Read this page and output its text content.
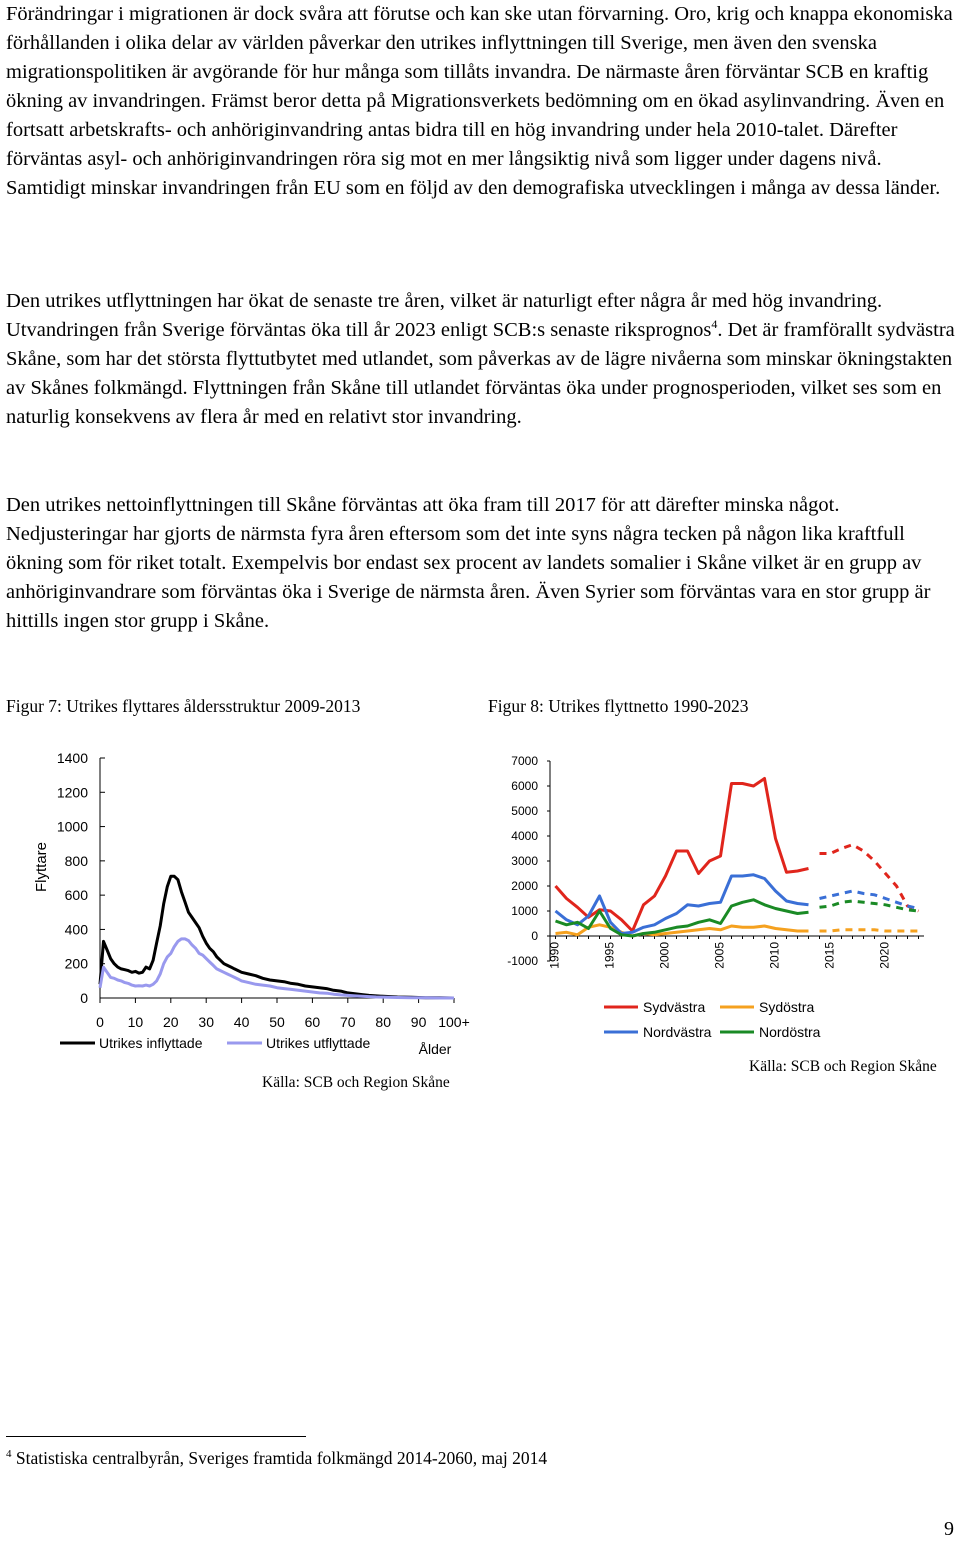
Förändringar i migrationen är dock svåra att förutse och kan ske utan förvarning. Oro, krig och knappa ekonomiska förhållanden i olika delar av världen påverkar den utrikes inflyttningen till Sverige, men även den svenska migrationspolitiken är avgörande för hur många som tillåts invandra. De närmaste åren förväntar SCB en kraftig ökning av invandringen. Främst beror detta på Migrationsverkets bedömning om en ökad asylinvandring. Även en fortsatt arbetskrafts- och anhöriginvandring antas bidra till en hög invandring under hela 2010-talet. Därefter förväntas asyl- och anhöriginvandringen röra sig mot en mer långsiktig nivå som ligger under dagens nivå. Samtidigt minskar invandringen från EU som en följd av den demografiska utvecklingen i många av dessa länder.

Den utrikes utflyttningen har ökat de senaste tre åren, vilket är naturligt efter några år med hög invandring. Utvandringen från Sverige förväntas öka till år 2023 enligt SCB:s senaste riksprognos$^4$. Det är framförallt sydvästra Skåne, som har det största flyttutbytet med utlandet, som påverkas av de lägre nivåerna som minskar ökningstakten av Skånes folkmängd. Flyttningen från Skåne till utlandet förväntas öka under prognosperioden, vilket ses som en naturlig konsekvens av flera år med en relativt stor invandring.

Den utrikes nettoinflyttningen till Skåne förväntas att öka fram till 2017 för att därefter minska något. Nedjusteringar har gjorts de närmsta fyra åren eftersom som det inte syns några tecken på någon lika kraftfull ökning som för riket totalt. Exempelvis bor endast sex procent av landets somalier i Skåne vilket är en grupp av anhöriginvandrare som förväntas öka i Sverige de närmsta åren. Även Syrier som förväntas vara en stor grupp är hittills ingen stor grupp i Skåne.

Figur 7: Utrikes flyttares åldersstruktur 2009-2013	Figur 8: Utrikes flyttnetto 1990-2023
0
200
400
600
800
1000
1200
1400
0 10 20 30 40 50 60 70 80 90 100+
Flyttare
Ålder
Utrikes inflyttade	Utrikes utflyttade
Källa: SCB och Region Skåne
-1000
0
1000
2000
3000
4000
5000
6000
7000
1990	1995	2000	2005	2010	2015	2020
Sydvästra	Sydöstra
Nordvästra	Nordöstra
Källa: SCB och Region Skåne
$^4$ Statistiska centralbyrån, Sveriges framtida folkmängd 2014-2060, maj 2014
9
